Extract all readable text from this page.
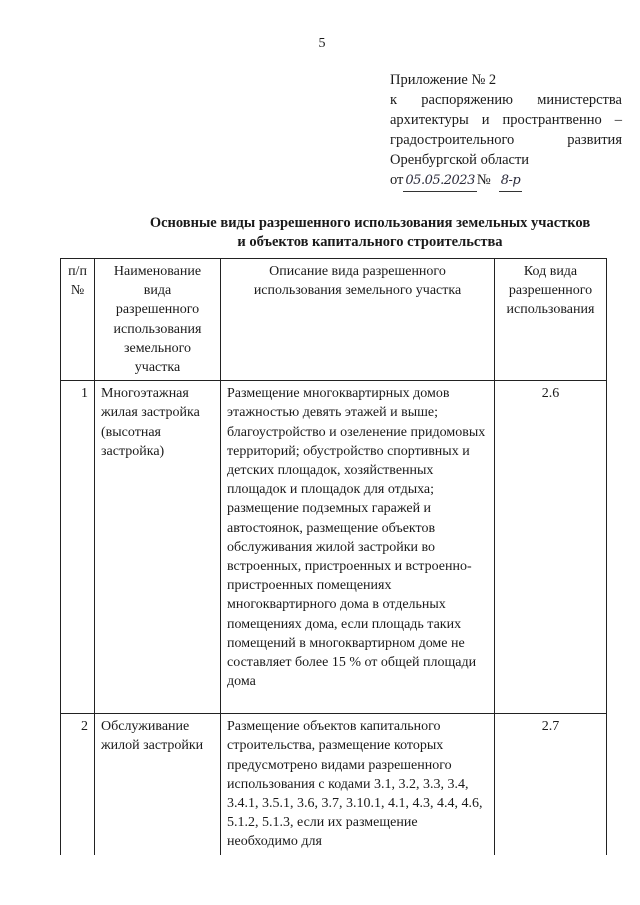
5
Приложение № 2
к распоряжению министерства
архитектуры и пространтвенно –
градостроительного развития
Оренбургской области
от 05.05.2023 № 8-р
Основные виды разрешенного использования земельных участков
и объектов капитального строительства
п/п №	Наименование вида разрешенного использования земельного участка	Описание вида разрешенного использования земельного участка	Код вида разрешенного использования
1	Многоэтажная жилая застройка (высотная застройка)	Размещение многоквартирных домов этажностью девять этажей и выше; благоустройство и озеленение придомовых территорий; обустройство спортивных и детских площадок, хозяйственных площадок и площадок для отдыха; размещение подземных гаражей и автостоянок, размещение объектов обслуживания жилой застройки во встроенных, пристроенных и встроенно-пристроенных помещениях многоквартирного дома в отдельных помещениях дома, если площадь таких помещений в многоквартирном доме не составляет более 15 % от общей площади дома	2.6
2	Обслуживание жилой застройки	Размещение объектов капитального строительства, размещение которых предусмотрено видами разрешенного использования с кодами 3.1, 3.2, 3.3, 3.4, 3.4.1, 3.5.1, 3.6, 3.7, 3.10.1, 4.1, 4.3, 4.4, 4.6, 5.1.2, 5.1.3, если их размещение необходимо для	2.7
